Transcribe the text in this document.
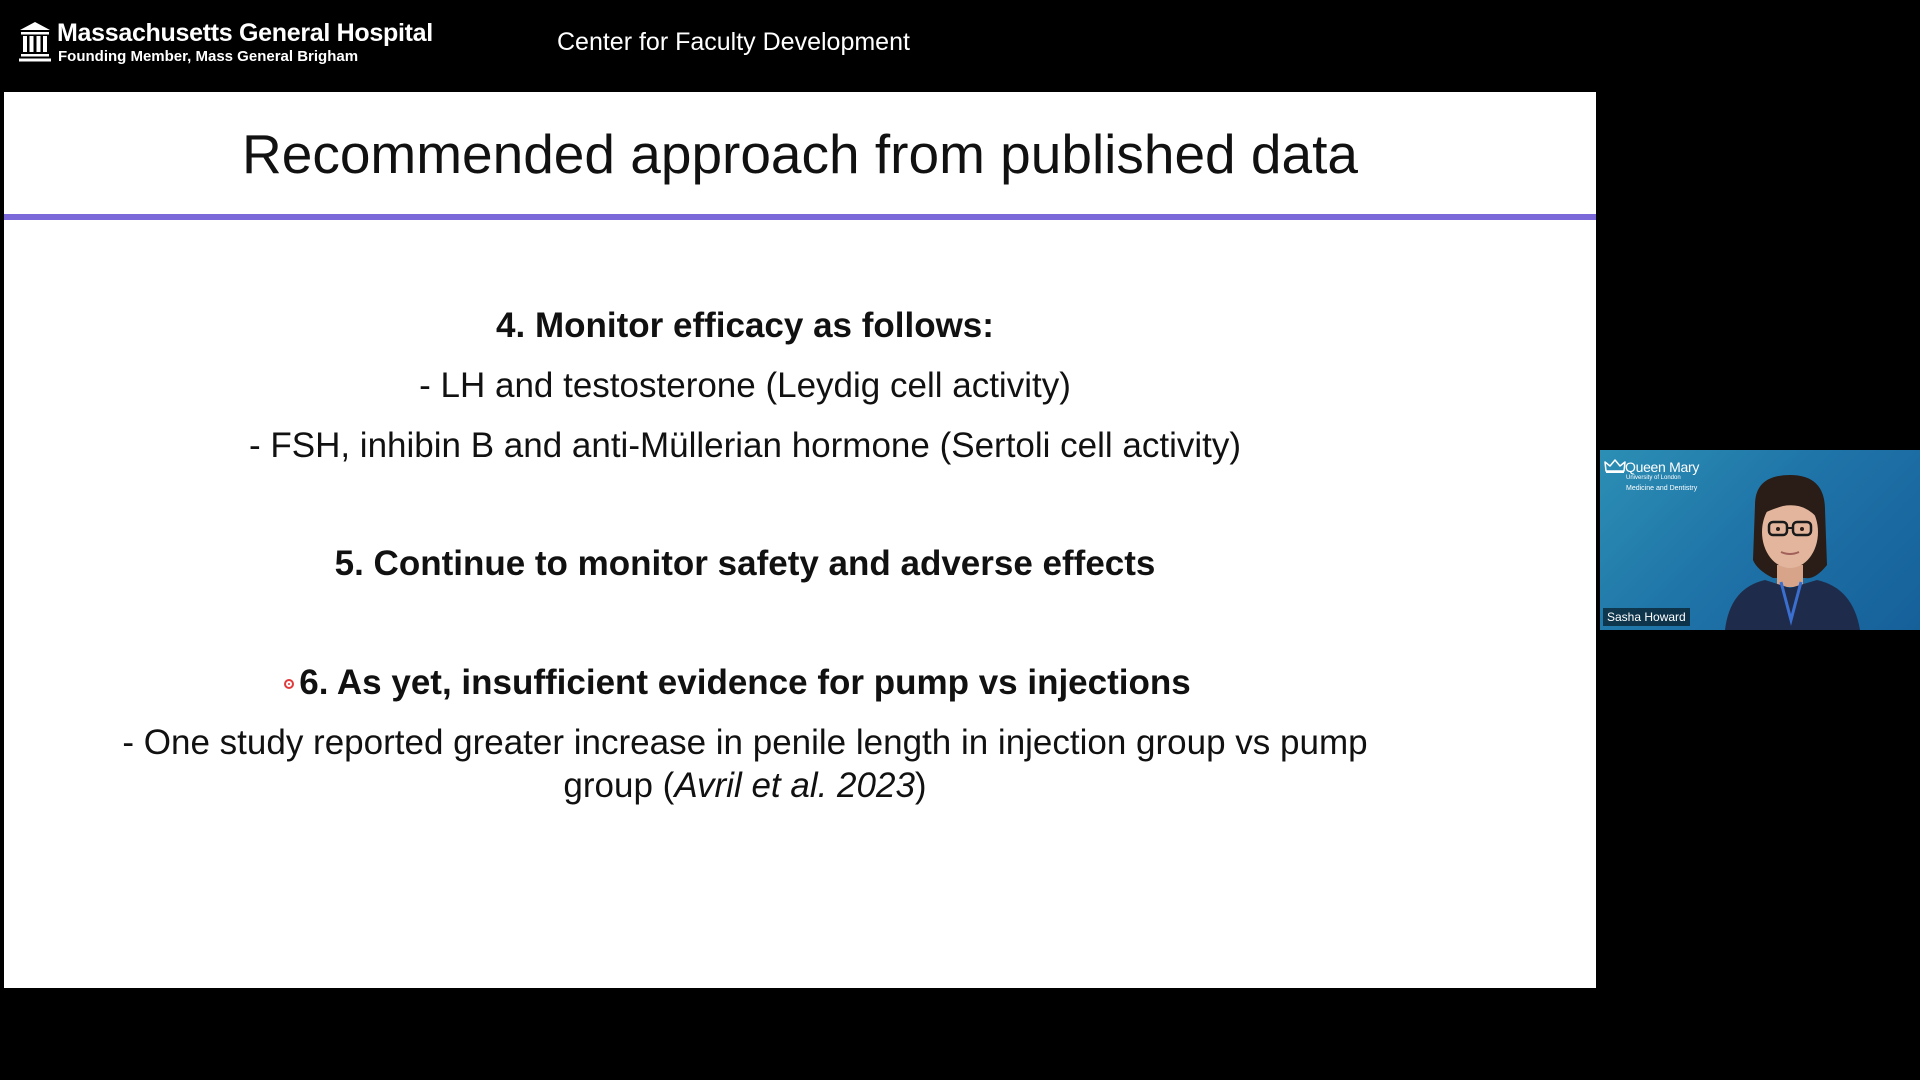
Massachusetts General Hospital
Founding Member, Mass General Brigham
Center for Faculty Development
Recommended approach from published data
4. Monitor efficacy as follows:
- LH and testosterone (Leydig cell activity)
- FSH, inhibin B and anti-Müllerian hormone (Sertoli cell activity)
5. Continue to monitor safety and adverse effects
6. As yet, insufficient evidence for pump vs injections
- One study reported greater increase in penile length in injection group vs pump
group (Avril et al. 2023)
Queen Mary
University of London
Medicine and Dentistry
Sasha Howard
